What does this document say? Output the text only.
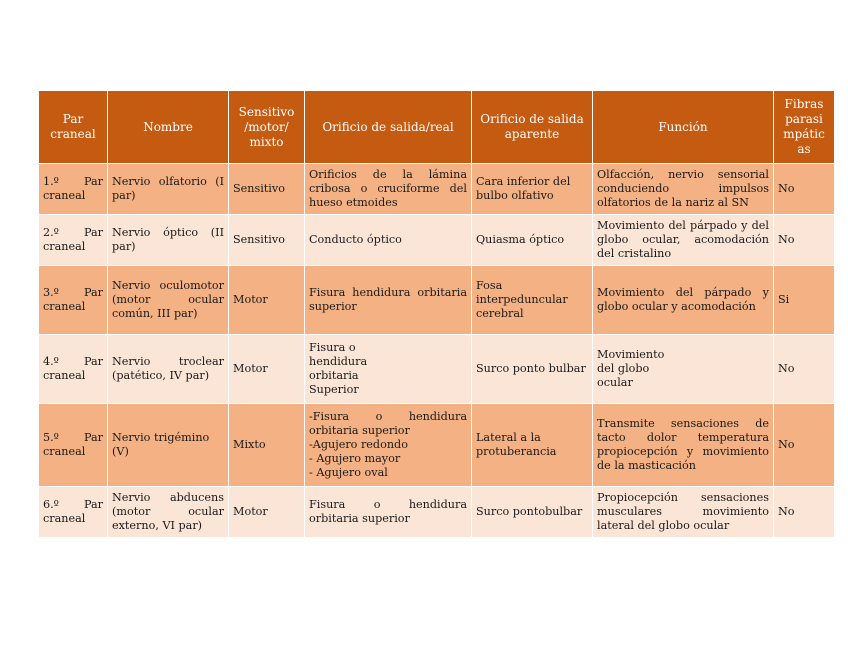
Par craneal	Nombre	Sensitivo /motor/ mixto	Orificio de salida/real	Orificio de salida aparente	Función	Fibras parasi mpátic as
1.º Par craneal	Nervio olfatorio (I par)	Sensitivo	Orificios de la lámina cribosa o cruciforme del hueso etmoides	Cara inferior del bulbo olfativo	Olfacción, nervio sensorial conduciendo impulsos olfatorios de la nariz al SN	No
2.º Par craneal	Nervio óptico (II par)	Sensitivo	Conducto óptico	Quiasma óptico	Movimiento del párpado y del globo ocular, acomodación del cristalino	No
3.º Par craneal	Nervio oculomotor (motor ocular común, III par)	Motor	Fisura hendidura orbitaria superior	Fosa interpeduncular cerebral	Movimiento del párpado y globo ocular y acomodación	Si
4.º Par craneal	Nervio troclear (patético, IV par)	Motor	Fisura o
hendidura
orbitaria
Superior	Surco ponto bulbar	Movimiento
del globo
ocular	No
5.º Par craneal	Nervio trigémino (V)	Mixto	-Fisura o hendidura orbitaria superior
-Agujero redondo
- Agujero mayor
- Agujero oval	Lateral a la protuberancia	Transmite sensaciones de tacto dolor temperatura propiocepción y movimiento de la masticación	No
6.º Par craneal	Nervio abducens (motor ocular externo, VI par)	Motor	Fisura o hendidura orbitaria superior	Surco pontobulbar	Propiocepción sensaciones musculares movimiento lateral del globo ocular	No
